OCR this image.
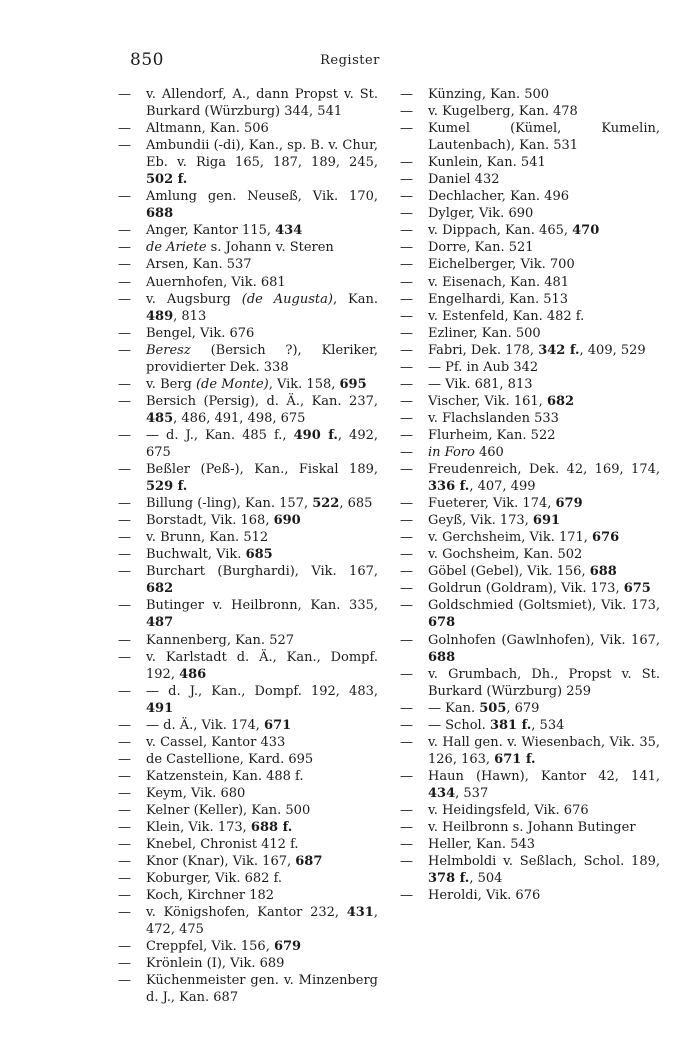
850	Register
— v. Allendorf, A., dann Propst v. St. Burkard (Würzburg) 344, 541
— Altmann, Kan. 506
— Ambundii (-di), Kan., sp. B. v. Chur, Eb. v. Riga 165, 187, 189, 245, 502 f.
— Amlung gen. Neuseß, Vik. 170, 688
— Anger, Kantor 115, 434
— de Ariete s. Johann v. Steren
— Arsen, Kan. 537
— Auernhofen, Vik. 681
— v. Augsburg (de Augusta), Kan. 489, 813
— Bengel, Vik. 676
— Beresz (Bersich ?), Kleriker, providierter Dek. 338
— v. Berg (de Monte), Vik. 158, 695
— Bersich (Persig), d. Ä., Kan. 237, 485, 486, 491, 498, 675
— — d. J., Kan. 485 f., 490 f., 492, 675
— Beßler (Peß-), Kan., Fiskal 189, 529 f.
— Billung (-ling), Kan. 157, 522, 685
— Borstadt, Vik. 168, 690
— v. Brunn, Kan. 512
— Buchwalt, Vik. 685
— Burchart (Burghardi), Vik. 167, 682
— Butinger v. Heilbronn, Kan. 335, 487
— Kannenberg, Kan. 527
— v. Karlstadt d. Ä., Kan., Dompf. 192, 486
— — d. J., Kan., Dompf. 192, 483, 491
— — d. Ä., Vik. 174, 671
— v. Cassel, Kantor 433
— de Castellione, Kard. 695
— Katzenstein, Kan. 488 f.
— Keym, Vik. 680
— Kelner (Keller), Kan. 500
— Klein, Vik. 173, 688 f.
— Knebel, Chronist 412 f.
— Knor (Knar), Vik. 167, 687
— Koburger, Vik. 682 f.
— Koch, Kirchner 182
— v. Königshofen, Kantor 232, 431, 472, 475
— Creppfel, Vik. 156, 679
— Krönlein (I), Vik. 689
— Küchenmeister gen. v. Minzenberg d. J., Kan. 687
— Künzing, Kan. 500
— v. Kugelberg, Kan. 478
— Kumel (Kümel, Kumelin, Lautenbach), Kan. 531
— Kunlein, Kan. 541
— Daniel 432
— Dechlacher, Kan. 496
— Dylger, Vik. 690
— v. Dippach, Kan. 465, 470
— Dorre, Kan. 521
— Eichelberger, Vik. 700
— v. Eisenach, Kan. 481
— Engelhardi, Kan. 513
— v. Estenfeld, Kan. 482 f.
— Ezliner, Kan. 500
— Fabri, Dek. 178, 342 f., 409, 529
— — Pf. in Aub 342
— — Vik. 681, 813
— Vischer, Vik. 161, 682
— v. Flachslanden 533
— Flurheim, Kan. 522
— in Foro 460
— Freudenreich, Dek. 42, 169, 174, 336 f., 407, 499
— Fueterer, Vik. 174, 679
— Geyß, Vik. 173, 691
— v. Gerchsheim, Vik. 171, 676
— v. Gochsheim, Kan. 502
— Göbel (Gebel), Vik. 156, 688
— Goldrun (Goldram), Vik. 173, 675
— Goldschmied (Goltsmiet), Vik. 173, 678
— Golnhofen (Gawlnhofen), Vik. 167, 688
— v. Grumbach, Dh., Propst v. St. Burkard (Würzburg) 259
— — Kan. 505, 679
— — Schol. 381 f., 534
— v. Hall gen. v. Wiesenbach, Vik. 35, 126, 163, 671 f.
— Haun (Hawn), Kantor 42, 141, 434, 537
— v. Heidingsfeld, Vik. 676
— v. Heilbronn s. Johann Butinger
— Heller, Kan. 543
— Helmboldi v. Seßlach, Schol. 189, 378 f., 504
— Heroldi, Vik. 676
